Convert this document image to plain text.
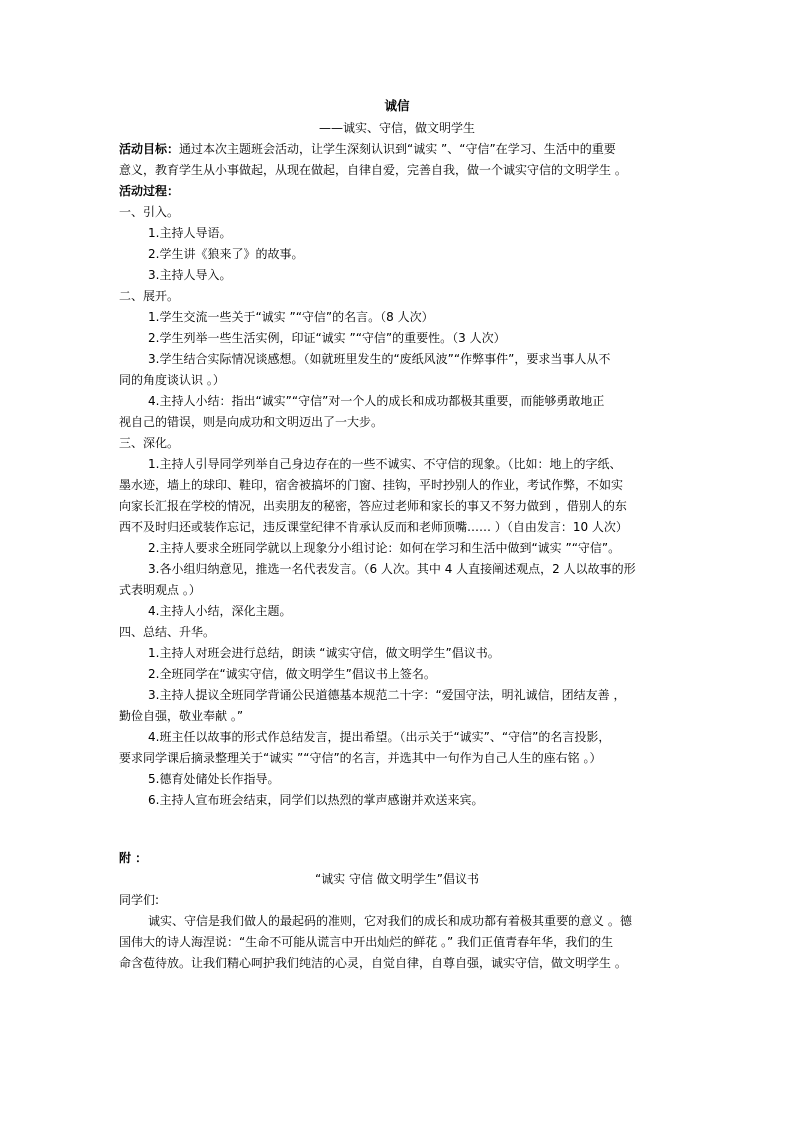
诚信

——诚实、守信，做文明学生

活动目标：通过本次主题班会活动，让学生深刻认识到“诚实 ”、“守信”在学习、生活中的重要

意义，教育学生从小事做起，从现在做起，自律自爱，完善自我，做一个诚实守信的文明学生 。

活动过程：

一、引入。

1.主持人导语。

2.学生讲《狼来了》的故事。

3.主持人导入。

二、展开。

1.学生交流一些关于“诚实 ”“守信”的名言。（8 人次）

2.学生列举一些生活实例，印证“诚实 ”“守信”的重要性。（3 人次）

3.学生结合实际情况谈感想。（如就班里发生的“废纸风波”“作弊事件”，要求当事人从不

同的角度谈认识 。）

4.主持人小结：指出“诚实”“守信”对一个人的成长和成功都极其重要，而能够勇敢地正

视自己的错误，则是向成功和文明迈出了一大步。

三、深化。

1.主持人引导同学列举自己身边存在的一些不诚实、不守信的现象。（比如：地上的字纸、

墨水迹，墙上的球印、鞋印，宿舍被搞坏的门窗、挂钩，平时抄别人的作业，考试作弊，不如实

向家长汇报在学校的情况，出卖朋友的秘密，答应过老师和家长的事又不努力做到 ，借别人的东

西不及时归还或装作忘记，违反课堂纪律不肯承认反而和老师顶嘴…… ）（自由发言：10 人次）

2.主持人要求全班同学就以上现象分小组讨论：如何在学习和生活中做到“诚实 ”“守信”。

3.各小组归纳意见，推选一名代表发言。（6 人次。其中 4 人直接阐述观点，2 人以故事的形

式表明观点 。）

4.主持人小结，深化主题。

四、总结、升华。

1.主持人对班会进行总结，朗读 “诚实守信，做文明学生”倡议书。

2.全班同学在“诚实守信，做文明学生”倡议书上签名。

3.主持人提议全班同学背诵公民道德基本规范二十字：“爱国守法，明礼诚信，团结友善 ，

勤俭自强，敬业奉献 。”

4.班主任以故事的形式作总结发言，提出希望。（出示关于“诚实”、“守信”的名言投影，

要求同学课后摘录整理关于“诚实 ”“守信”的名言，并选其中一句作为自己人生的座右铭 。）

5.德育处储处长作指导。

6.主持人宣布班会结束，同学们以热烈的掌声感谢并欢送来宾。

附 ：

“诚实 守信 做文明学生”倡议书

同学们:

诚实、守信是我们做人的最起码的准则，它对我们的成长和成功都有着极其重要的意义 。德

国伟大的诗人海涅说：“生命不可能从谎言中开出灿烂的鲜花 。” 我们正值青春年华，我们的生

命含苞待放。让我们精心呵护我们纯洁的心灵，自觉自律，自尊自强，诚实守信，做文明学生 。
